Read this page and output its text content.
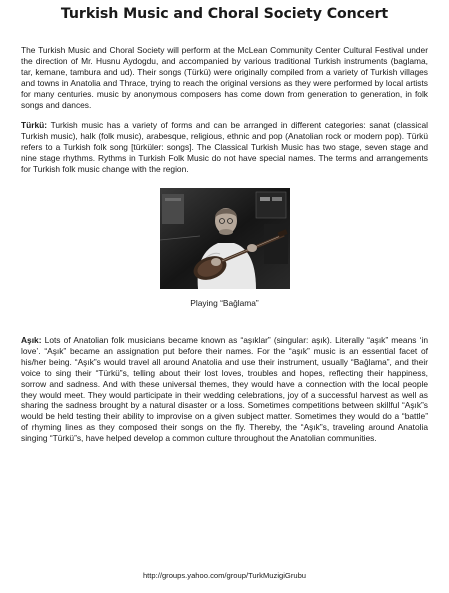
Turkish Music and Choral Society Concert

The Turkish Music and Choral Society will perform at the McLean Community Center Cultural Festival under the direction of Mr. Husnu Aydogdu, and accompanied by various traditional Turkish instruments (baglama, tar, kemane, tambura and ud). Their songs (Türkü) were originally compiled from a variety of Turkish villages and towns in Anatolia and Thrace, trying to reach the original versions as they were performed by local artists for many centuries. music by anonymous composers has come down from generation to generation, in folk songs and dances.

Türkü: Turkish music has a variety of forms and can be arranged in different categories: sanat (classical Turkish music), halk (folk music), arabesque, religious, ethnic and pop (Anatolian rock or modern pop). Türkü refers to a Turkish folk song [türküler: songs]. The Classical Turkish Music has two stage, seven stage and nine stage rhythms. Rythms in Turkish Folk Music do not have special names. The terms and arrangements for Turkish folk music change with the region.

Playing “Bağlama”

Aşık: Lots of Anatolian folk musicians became known as “aşıklar” (singular: aşık). Literally “aşık” means ‘in love’. “Aşık” became an assignation put before their names. For the “aşık” music is an essential facet of his/her being. “Aşık”s would travel all around Anatolia and use their instrument, usually “Bağlama”, and their voice to sing their “Türkü”s, telling about their lost loves, troubles and hopes, reflecting their happiness, sorrow and sadness. And with these universal themes, they would have a connection with the local people they would meet. They would participate in their wedding celebrations, joy of a successful harvest as well as sharing the sadness brought by a natural disaster or a loss. Sometimes competitions between skillful “Aşık”s would be held testing their ability to improvise on a given subject matter. Sometimes they would do a “battle” of rhyming lines as they composed their songs on the fly. Thereby, the “Aşık”s, traveling around Anatolia singing “Türkü”s, have helped develop a common culture throughout the Anatolian communities.

http://groups.yahoo.com/group/TurkMuzigiGrubu
